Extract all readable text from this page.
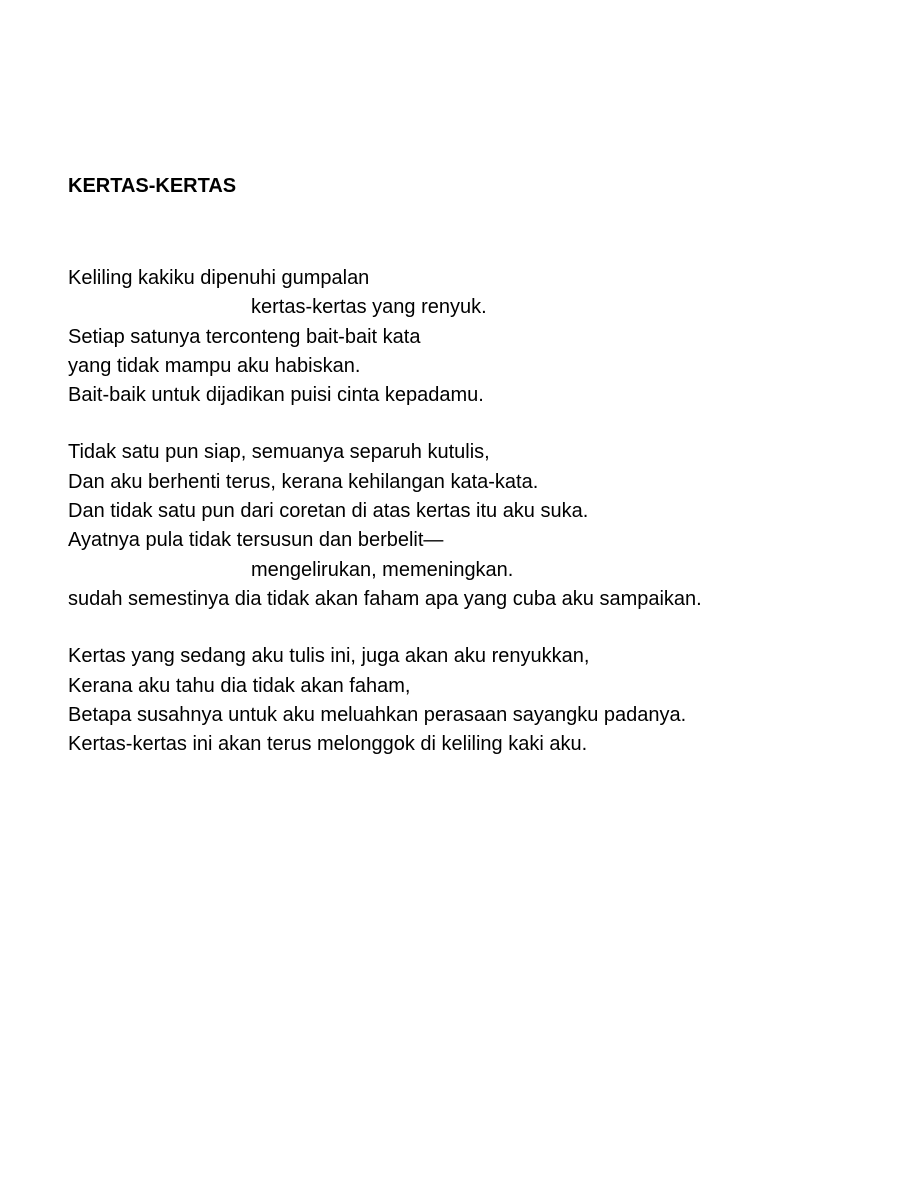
KERTAS-KERTAS
Keliling kakiku dipenuhi gumpalan
kertas-kertas yang renyuk.
Setiap satunya terconteng bait-bait kata
yang tidak mampu aku habiskan.
Bait-baik untuk dijadikan puisi cinta kepadamu.
Tidak satu pun siap, semuanya separuh kutulis,
Dan aku berhenti terus, kerana kehilangan kata-kata.
Dan tidak satu pun dari coretan di atas kertas itu aku suka.
Ayatnya pula tidak tersusun dan berbelit—
mengelirukan, memeningkan.
sudah semestinya dia tidak akan faham apa yang cuba aku sampaikan.
Kertas yang sedang aku tulis ini, juga akan aku renyukkan,
Kerana aku tahu dia tidak akan faham,
Betapa susahnya untuk aku meluahkan perasaan sayangku padanya.
Kertas-kertas ini akan terus melonggok di keliling kaki aku.
